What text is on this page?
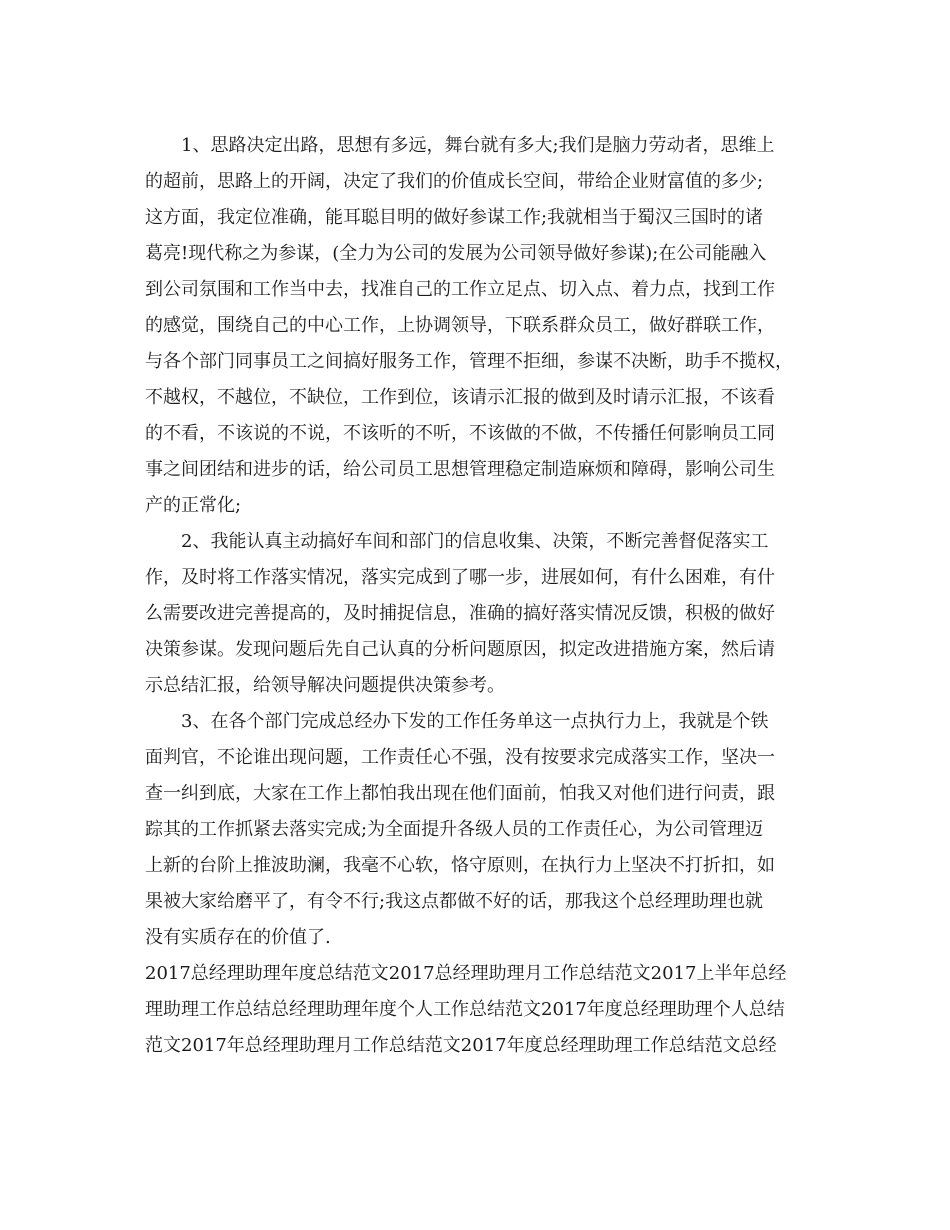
1、思路决定出路，思想有多远，舞台就有多大;我们是脑力劳动者，思维上
的超前，思路上的开阔，决定了我们的价值成长空间，带给企业财富值的多少;
这方面，我定位准确，能耳聪目明的做好参谋工作;我就相当于蜀汉三国时的诸
葛亮!现代称之为参谋，(全力为公司的发展为公司领导做好参谋);在公司能融入
到公司氛围和工作当中去，找准自己的工作立足点、切入点、着力点，找到工作
的感觉，围绕自己的中心工作，上协调领导，下联系群众员工，做好群联工作，
与各个部门同事员工之间搞好服务工作，管理不拒细，参谋不决断，助手不揽权，
不越权，不越位，不缺位，工作到位，该请示汇报的做到及时请示汇报，不该看
的不看，不该说的不说，不该听的不听，不该做的不做，不传播任何影响员工同
事之间团结和进步的话，给公司员工思想管理稳定制造麻烦和障碍，影响公司生
产的正常化;
2、我能认真主动搞好车间和部门的信息收集、决策，不断完善督促落实工
作，及时将工作落实情况，落实完成到了哪一步，进展如何，有什么困难，有什
么需要改进完善提高的，及时捕捉信息，准确的搞好落实情况反馈，积极的做好
决策参谋。发现问题后先自己认真的分析问题原因，拟定改进措施方案，然后请
示总结汇报，给领导解决问题提供决策参考。
3、在各个部门完成总经办下发的工作任务单这一点执行力上，我就是个铁
面判官，不论谁出现问题，工作责任心不强，没有按要求完成落实工作，坚决一
查一纠到底，大家在工作上都怕我出现在他们面前，怕我又对他们进行问责，跟
踪其的工作抓紧去落实完成;为全面提升各级人员的工作责任心，为公司管理迈
上新的台阶上推波助澜，我毫不心软，恪守原则，在执行力上坚决不打折扣，如
果被大家给磨平了，有令不行;我这点都做不好的话，那我这个总经理助理也就
没有实质存在的价值了.
2017总经理助理年度总结范文2017总经理助理月工作总结范文2017上半年总经
理助理工作总结总经理助理年度个人工作总结范文2017年度总经理助理个人总结
范文2017年总经理助理月工作总结范文2017年度总经理助理工作总结范文总经
